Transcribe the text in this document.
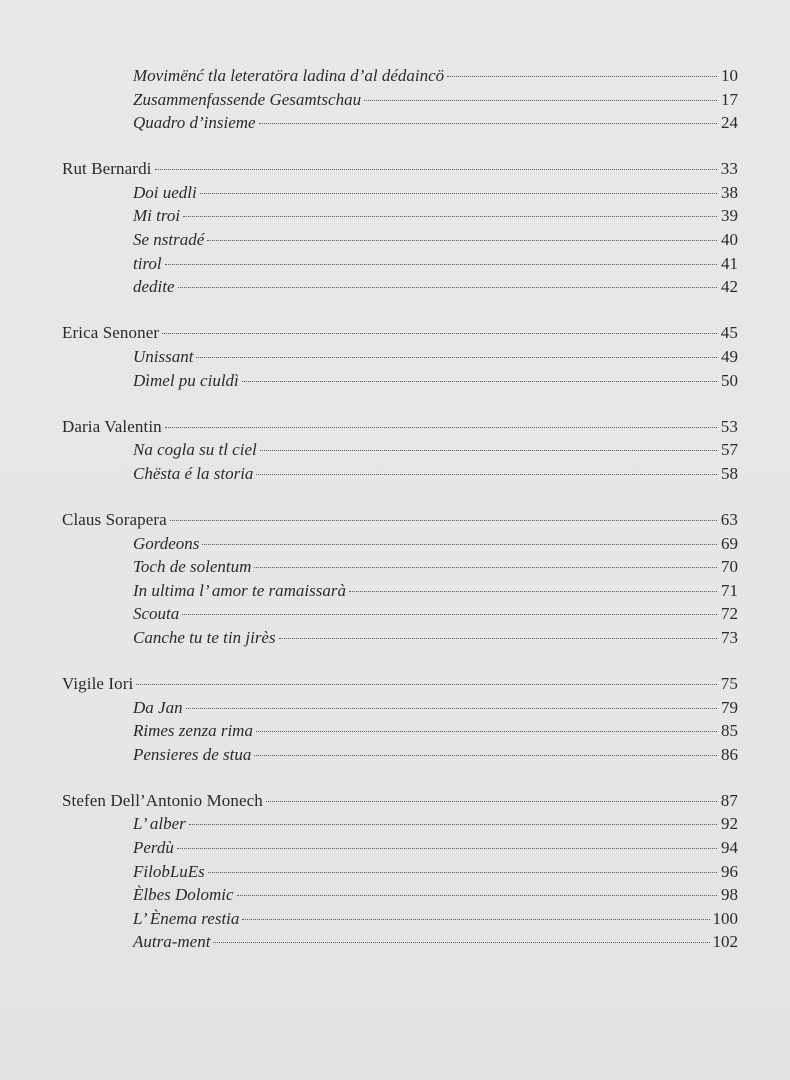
Movimënć tla leteratöra ladina d’al dédaincö	10
Zusammenfassende Gesamtschau	17
Quadro d’insieme	24
Rut Bernardi	33
Doi uedli	38
Mi troi	39
Se nstradé	40
tirol	41
dedite	42
Erica Senoner	45
Unissant	49
Dìmel pu ciuldì	50
Daria Valentin	53
Na cogla su tl ciel	57
Chësta é la storia	58
Claus Sorapera	63
Gordeons	69
Toch de solentum	70
In ultima l’ amor te ramaissarà	71
Scouta	72
Canche tu te tin jirès	73
Vigile Iori	75
Da Jan	79
Rimes zenza rima	85
Pensieres de stua	86
Stefen Dell’Antonio Monech	87
L’ alber	92
Perdù	94
FilobLuEs	96
Èlbes Dolomic	98
L’ Ènema restia	100
Autra-ment	102
